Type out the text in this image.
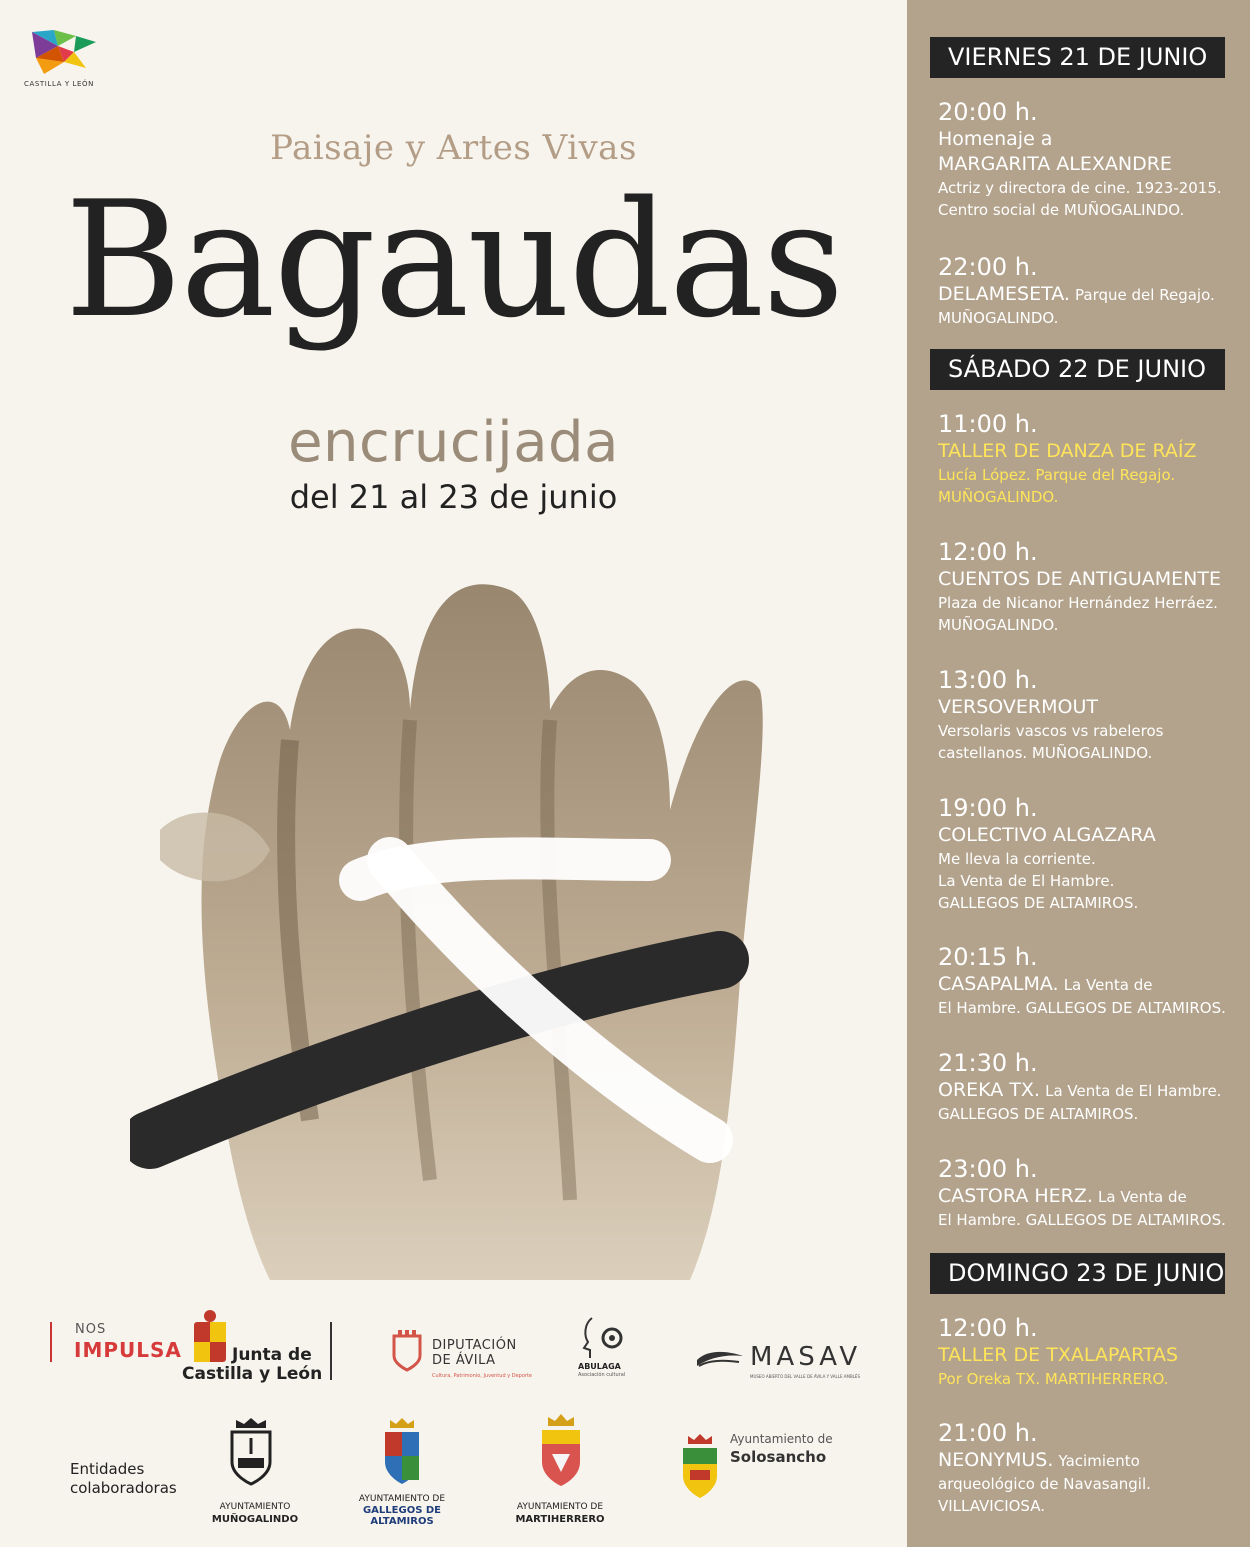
CASTILLA Y LEÓN
Paisaje y Artes Vivas
Bagaudas
encrucijada
del 21 al 23 de junio
NOS
IMPULSA	Junta de
Castilla y León
DIPUTACIÓN
DE ÁVILA
Cultura, Patrimonio, Juventud y Deporte
ABULAGA
Asociación cultural
MASAV
MUSEO ABIERTO DEL VALLE DE ÁVILA Y VALLE AMBLÉS
Entidades
colaboradoras
AYUNTAMIENTO
MUÑOGALINDO
AYUNTAMIENTO DE
GALLEGOS DE
ALTAMIROS
AYUNTAMIENTO DE
MARTIHERRERO
Ayuntamiento de
Solosancho
VIERNES 21 DE JUNIO
20:00 h.
Homenaje a
MARGARITA ALEXANDRE
Actriz y directora de cine. 1923-2015.
Centro social de MUÑOGALINDO.
22:00 h.
DELAMESETA. Parque del Regajo.
MUÑOGALINDO.
SÁBADO 22 DE JUNIO
11:00 h.
TALLER DE DANZA DE RAÍZ
Lucía López. Parque del Regajo.
MUÑOGALINDO.
12:00 h.
CUENTOS DE ANTIGUAMENTE
Plaza de Nicanor Hernández Herráez.
MUÑOGALINDO.
13:00 h.
VERSOVERMOUT
Versolaris vascos vs rabeleros
castellanos. MUÑOGALINDO.
19:00 h.
COLECTIVO ALGAZARA
Me lleva la corriente.
La Venta de El Hambre.
GALLEGOS DE ALTAMIROS.
20:15 h.
CASAPALMA. La Venta de
El Hambre. GALLEGOS DE ALTAMIROS.
21:30 h.
OREKA TX. La Venta de El Hambre.
GALLEGOS DE ALTAMIROS.
23:00 h.
CASTORA HERZ. La Venta de
El Hambre. GALLEGOS DE ALTAMIROS.
DOMINGO 23 DE JUNIO
12:00 h.
TALLER DE TXALAPARTAS
Por Oreka TX. MARTIHERRERO.
21:00 h.
NEONYMUS. Yacimiento
arqueológico de Navasangil.
VILLAVICIOSA.
